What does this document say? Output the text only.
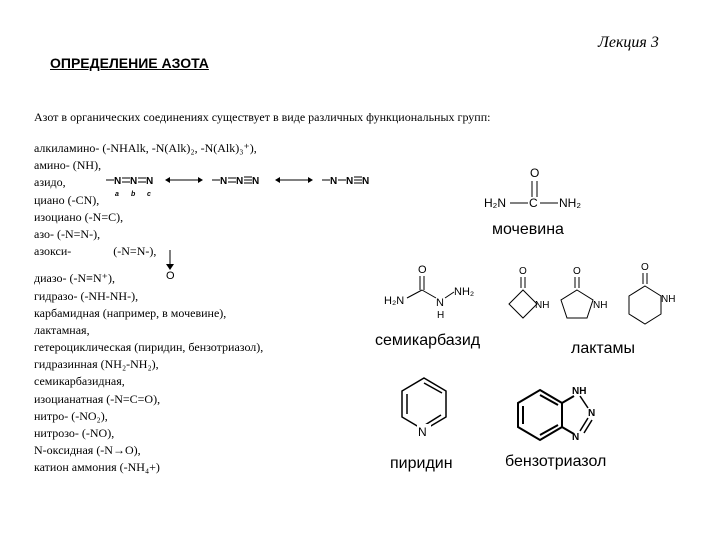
Лекция 3
ОПРЕДЕЛЕНИЕ АЗОТА
Азот в органических соединениях существует в виде различных функциональных групп:
алкиламино- (-NHAlk, -N(Alk)₂, -N(Alk)₃⁺),
амино- (NH),
азидо,
циано (-CN),
изоциано (-N=C),
азо- (-N=N-),
азокси-              (-N=N-),
диазо- (-N≡N⁺),
гидразо- (-NH-NH-),
карбамидная (например, в мочевине),
лактамная,
гетероциклическая (пиридин, бензотриазол),
гидразинная (NH₂-NH₂),
семикарбазидная,
изоцианатная (-N=C=O),
нитро- (-NO₂),
нитрозо- (-NO),
N-оксидная (-N→O),
катион аммония (-NH₄+)
O
N N N
a b c
N N N	N N N
O
H₂N C NH₂
мочевина
O
H₂N	N
H
NH₂
семикарбазид
O
NH
O
NH
O
NH
лактамы
N
пиридин
NH
N
N
бензотриазол
